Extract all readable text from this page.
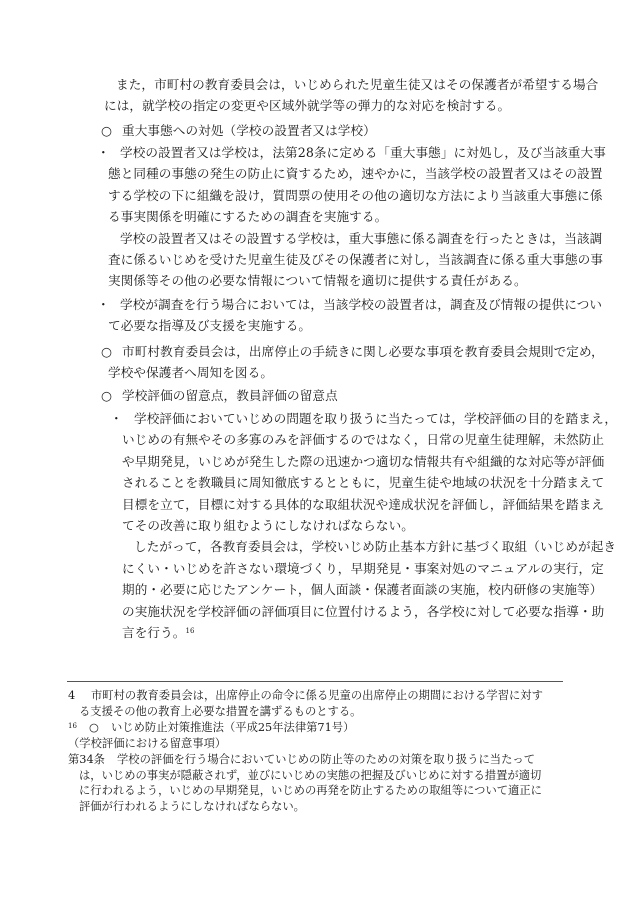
また，市町村の教育委員会は，いじめられた児童生徒又はその保護者が希望する場合
には，就学校の指定の変更や区域外就学等の弾力的な対応を検討する。
○ 重大事態への対処（学校の設置者又は学校）
・ 学校の設置者又は学校は，法第28条に定める「重大事態」に対処し，及び当該重大事
態と同種の事態の発生の防止に資するため，速やかに，当該学校の設置者又はその設置
する学校の下に組織を設け，質問票の使用その他の適切な方法により当該重大事態に係
る事実関係を明確にするための調査を実施する。
学校の設置者又はその設置する学校は，重大事態に係る調査を行ったときは，当該調
査に係るいじめを受けた児童生徒及びその保護者に対し，当該調査に係る重大事態の事
実関係等その他の必要な情報について情報を適切に提供する責任がある。
・ 学校が調査を行う場合においては，当該学校の設置者は，調査及び情報の提供につい
て必要な指導及び支援を実施する。
○ 市町村教育委員会は，出席停止の手続きに関し必要な事項を教育委員会規則で定め，
学校や保護者へ周知を図る。
○ 学校評価の留意点，教員評価の留意点
・ 学校評価においていじめの問題を取り扱うに当たっては，学校評価の目的を踏まえ，
いじめの有無やその多寡のみを評価するのではなく，日常の児童生徒理解，未然防止
や早期発見，いじめが発生した際の迅速かつ適切な情報共有や組織的な対応等が評価
されることを教職員に周知徹底するとともに，児童生徒や地域の状況を十分踏まえて
目標を立て，目標に対する具体的な取組状況や達成状況を評価し，評価結果を踏まえ
てその改善に取り組むようにしなければならない。
したがって，各教育委員会は，学校いじめ防止基本方針に基づく取組（いじめが起き
にくい・いじめを許さない環境づくり，早期発見・事案対処のマニュアルの実行，定
期的・必要に応じたアンケート，個人面談・保護者面談の実施，校内研修の実施等）
の実施状況を学校評価の評価項目に位置付けるよう，各学校に対して必要な指導・助
言を行う。$^{16}$
4	市町村の教育委員会は，出席停止の命令に係る児童の出席停止の期間における学習に対す
る支援その他の教育上必要な措置を講ずるものとする。
$^{16}$ ○ いじめ防止対策推進法（平成25年法律第71号）
（学校評価における留意事項）
第34条	学校の評価を行う場合においていじめの防止等のための対策を取り扱うに当たって
は，いじめの事実が隠蔽されず，並びにいじめの実態の把握及びいじめに対する措置が適切
に行われるよう，いじめの早期発見，いじめの再発を防止するための取組等について適正に
評価が行われるようにしなければならない。
